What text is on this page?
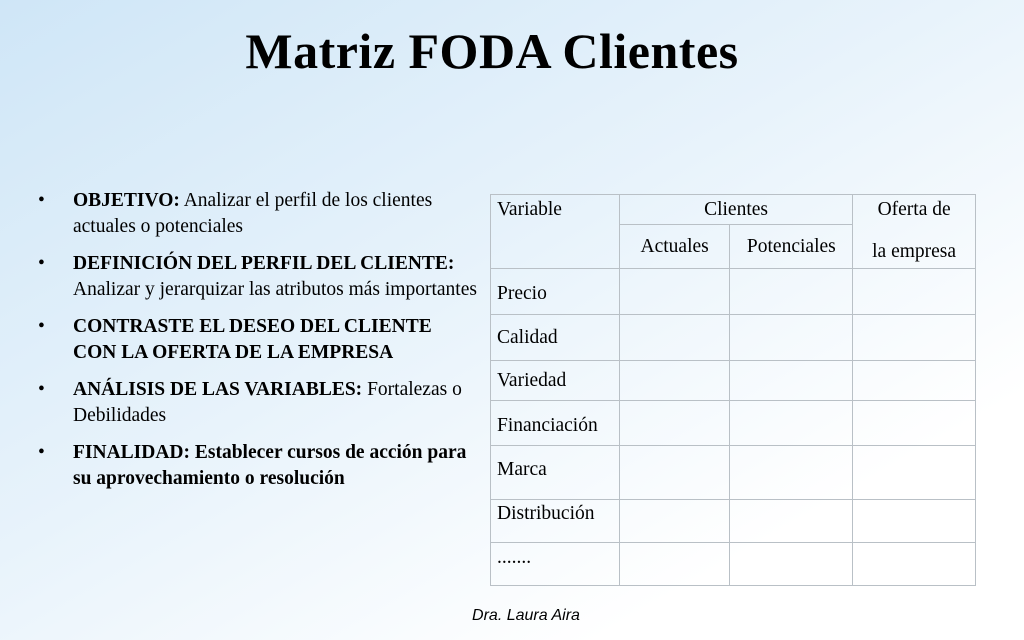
Matriz FODA Clientes
•	OBJETIVO: Analizar el perfil de los clientes actuales o potenciales
•	DEFINICIÓN DEL PERFIL DEL CLIENTE: Analizar y jerarquizar las atributos más importantes
•	CONTRASTE EL DESEO DEL CLIENTE CON LA OFERTA DE LA EMPRESA
•	ANÁLISIS DE LAS VARIABLES: Fortalezas o Debilidades
•	FINALIDAD: Establecer cursos de acción para su aprovechamiento o resolución
Variable	Clientes		Oferta de
la empresa

	Actuales	Potenciales	
Precio			
Calidad			
Variedad			
Financiación			
Marca			
Distribución			
.......			
Dra. Laura Aira
